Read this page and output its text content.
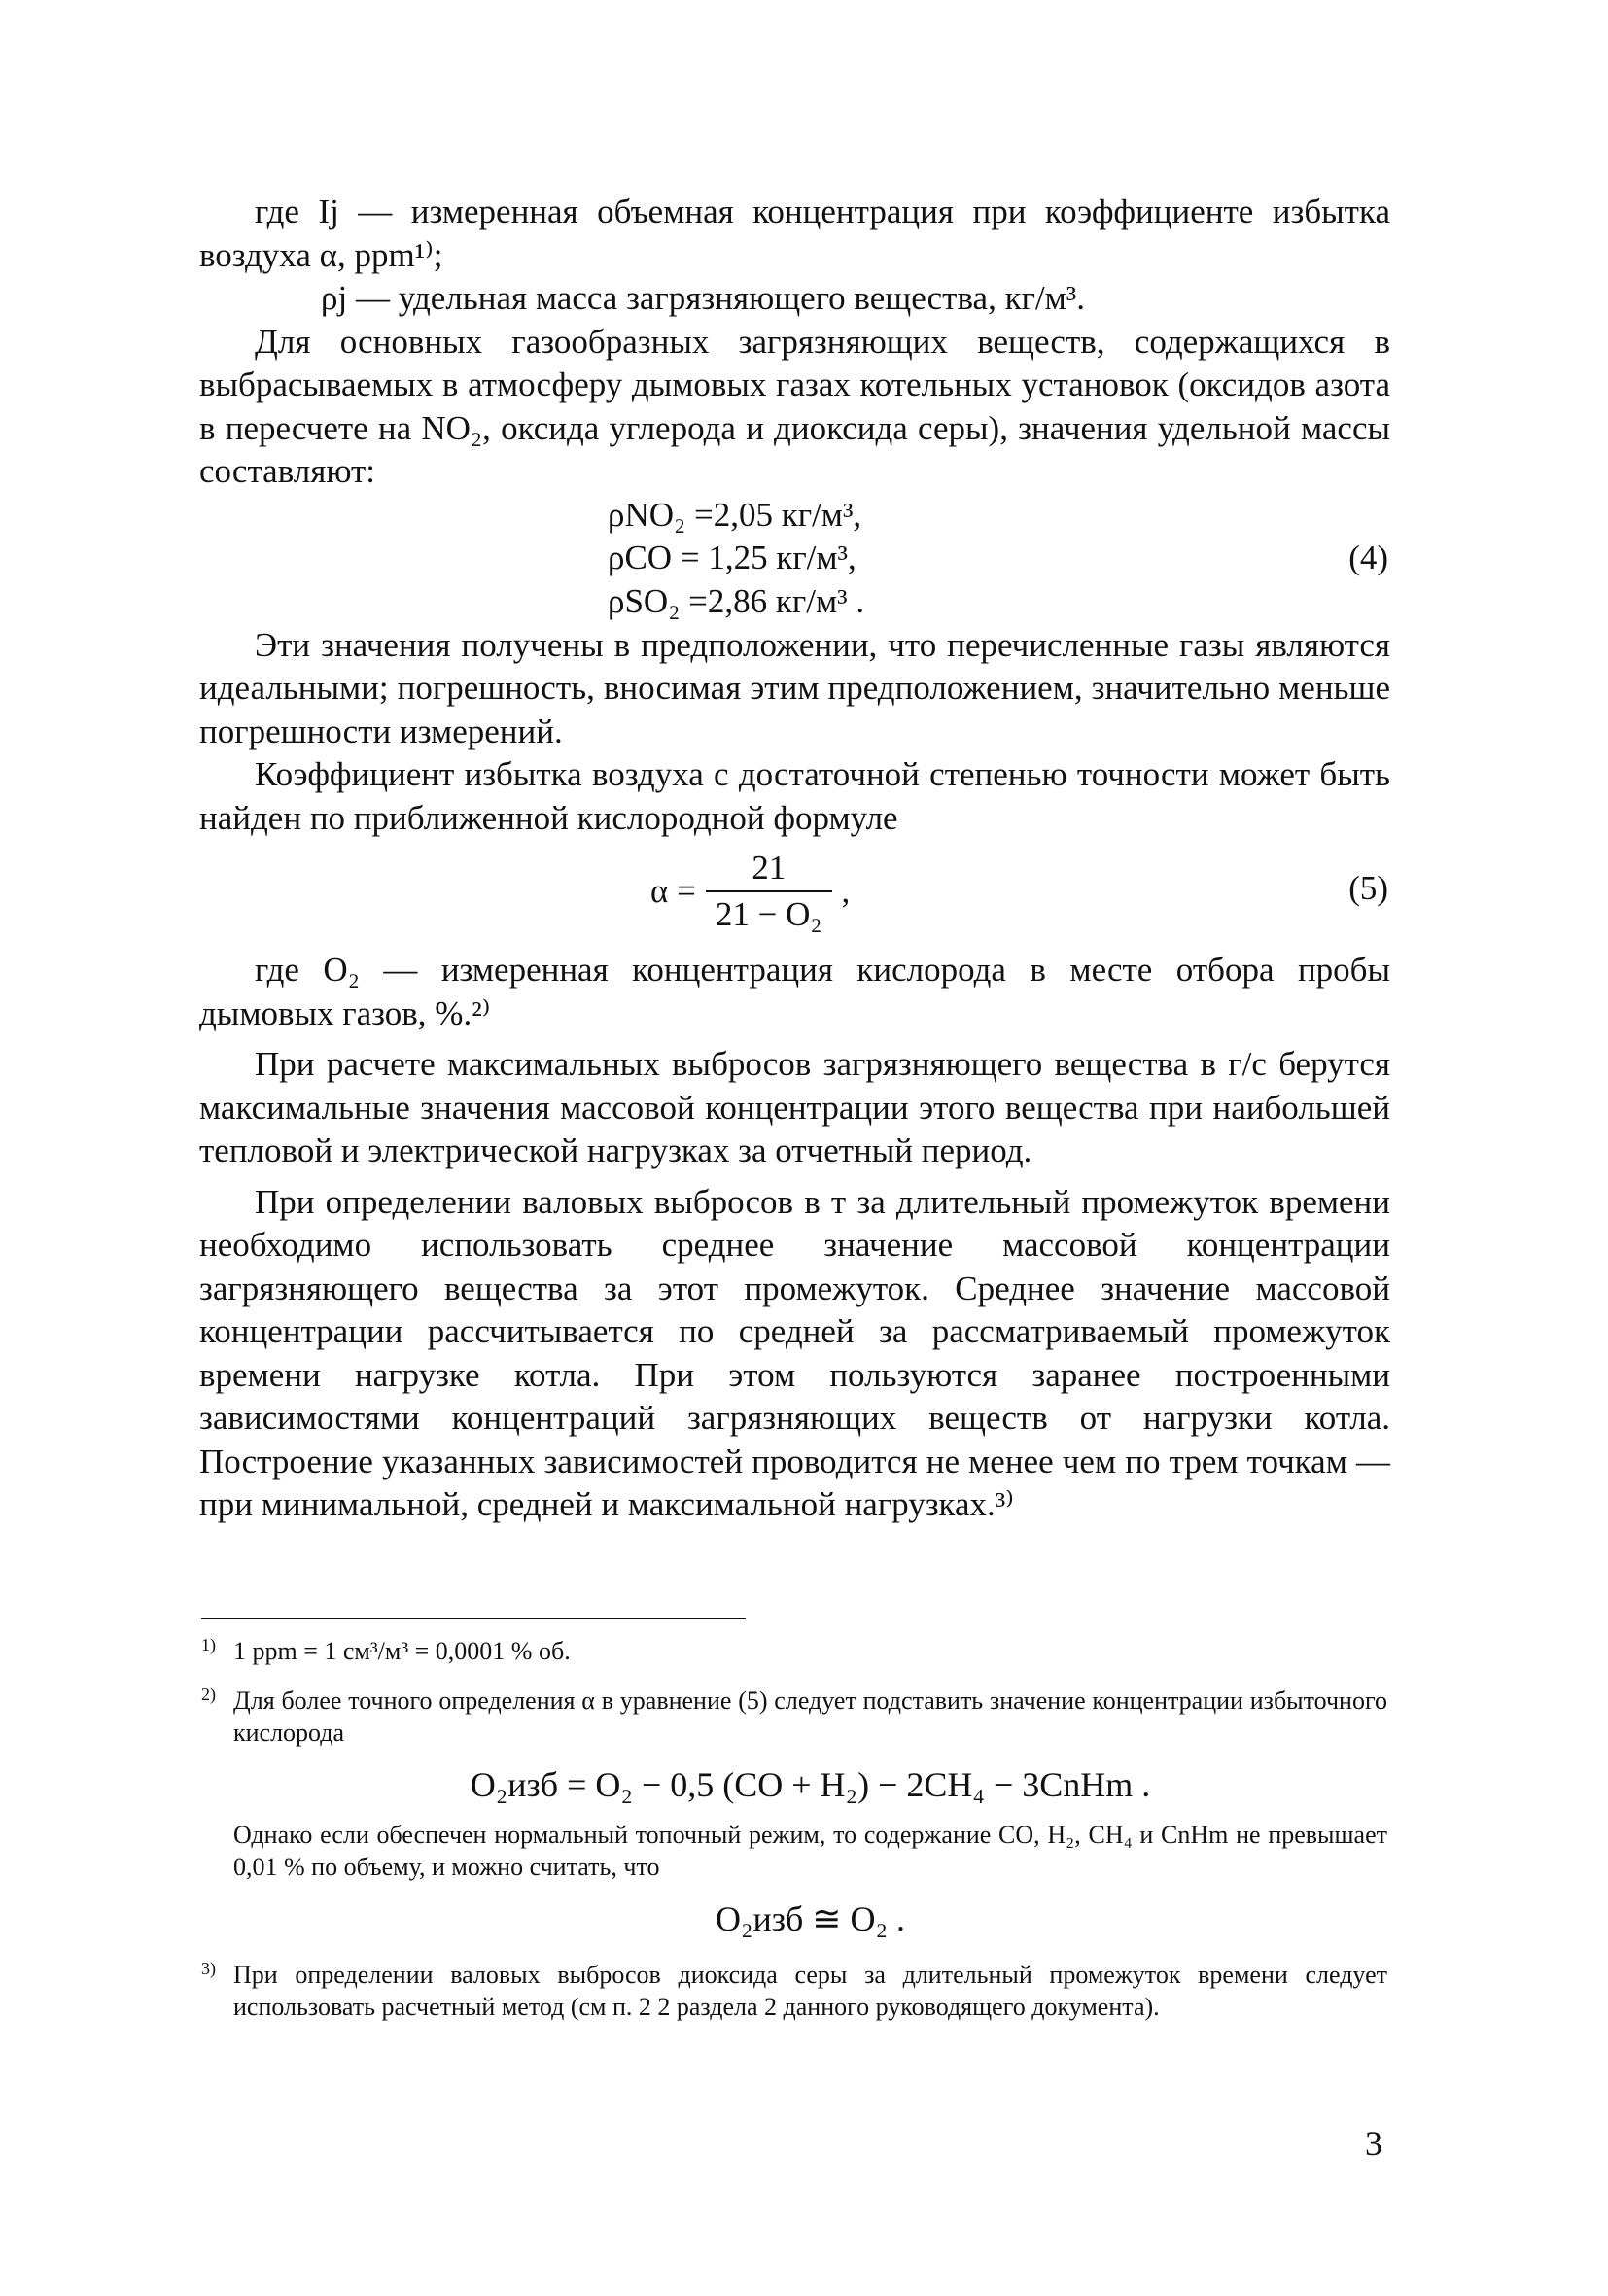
где Ij — измеренная объемная концентрация при коэффициенте избытка воздуха α, ppm¹⁾;

ρj — удельная масса загрязняющего вещества, кг/м³.

Для основных газообразных загрязняющих веществ, содержащихся в выбрасываемых в атмосферу дымовых газах котельных установок (оксидов азота в пересчете на NO₂, оксида углерода и диоксида серы), значения удельной массы составляют:

ρNO₂ =2,05 кг/м³,
ρCO = 1,25 кг/м³,
ρSO₂ =2,86 кг/м³ .
(4)

Эти значения получены в предположении, что перечисленные газы являются идеальными; погрешность, вносимая этим предположением, значительно меньше погрешности измерений.

Коэффициент избытка воздуха с достаточной степенью точности может быть найден по приближенной кислородной формуле

$\alpha = \frac{21}{\text{21 − O₂}}$ ,	(5)

где O₂ — измеренная концентрация кислорода в месте отбора пробы дымовых газов, %.²⁾

При расчете максимальных выбросов загрязняющего вещества в г/с берутся максимальные значения массовой концентрации этого вещества при наибольшей тепловой и электрической нагрузках за отчетный период.

При определении валовых выбросов в т за длительный промежуток времени необходимо использовать среднее значение массовой концентрации загрязняющего вещества за этот промежуток. Среднее значение массовой концентрации рассчитывается по средней за рассматриваемый промежуток времени нагрузке котла. При этом пользуются заранее построенными зависимостями концентраций загрязняющих веществ от нагрузки котла. Построение указанных зависимостей проводится не менее чем по трем точкам — при минимальной, средней и максимальной нагрузках.³⁾

1) 1 ppm = 1 см³/м³ = 0,0001 % об.
2) Для более точного определения α в уравнение (5) следует подставить значение концентрации избыточного кислорода
O₂изб = O₂ − 0,5 (CO + H₂) − 2CH₄ − 3CnHm .
Однако если обеспечен нормальный топочный режим, то содержание CO, H₂, CH₄ и CnHm не превышает 0,01 % по объему, и можно считать, что
O₂изб ≅ O₂ .
3) При определении валовых выбросов диоксида серы за длительный промежуток времени следует использовать расчетный метод (см п. 2 2 раздела 2 данного руководящего документа).
3
